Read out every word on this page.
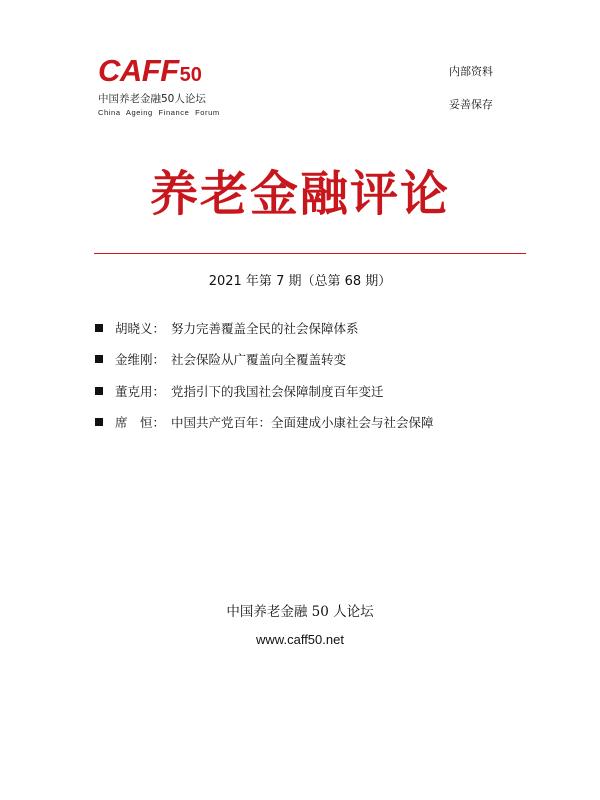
CAFF50
中国养老金融50人论坛
China Ageing Finance Forum
内部资料
妥善保存
养老金融评论
2021 年第 7 期（总第 68 期）
胡晓义： 努力完善覆盖全民的社会保障体系
金维刚： 社会保险从广覆盖向全覆盖转变
董克用： 党指引下的我国社会保障制度百年变迁
席　恒： 中国共产党百年：全面建成小康社会与社会保障
中国养老金融 50 人论坛
www.caff50.net
